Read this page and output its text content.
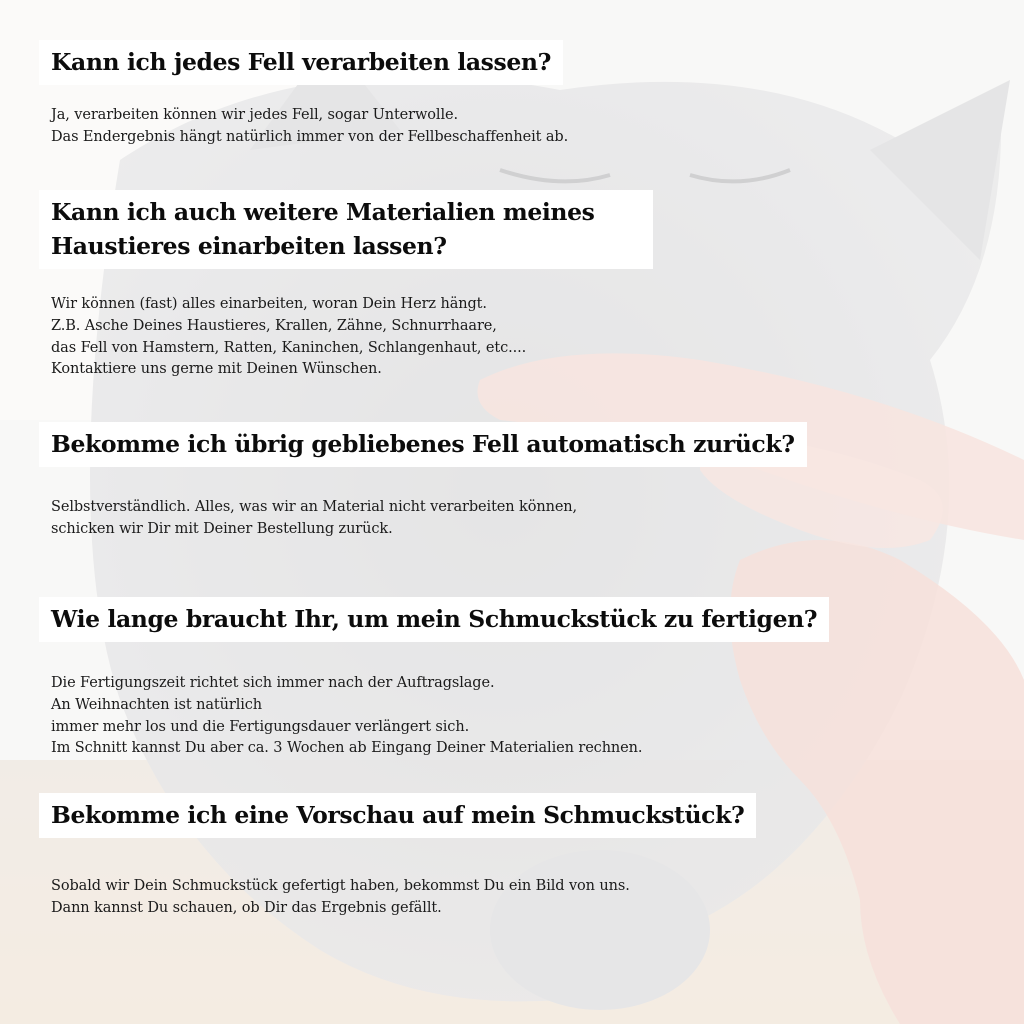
Kann ich jedes Fell verarbeiten lassen?
Ja, verarbeiten können wir jedes Fell, sogar Unterwolle.
Das Endergebnis hängt natürlich immer von der Fellbeschaffenheit ab.
Kann ich auch weitere Materialien meines
Haustieres einarbeiten lassen?
Wir können (fast) alles einarbeiten, woran Dein Herz hängt.
Z.B. Asche Deines Haustieres, Krallen, Zähne, Schnurrhaare,
das Fell von Hamstern, Ratten, Kaninchen, Schlangenhaut, etc....
Kontaktiere uns gerne mit Deinen Wünschen.
Bekomme ich übrig gebliebenes Fell automatisch zurück?
Selbstverständlich. Alles, was wir an Material nicht verarbeiten können,
schicken wir Dir mit Deiner Bestellung zurück.
Wie lange braucht Ihr, um mein Schmuckstück zu fertigen?
Die Fertigungszeit richtet sich immer nach der Auftragslage.
An Weihnachten ist natürlich
immer mehr los und die Fertigungsdauer verlängert sich.
Im Schnitt kannst Du aber ca. 3 Wochen ab Eingang Deiner Materialien rechnen.
Bekomme ich eine Vorschau auf mein Schmuckstück?
Sobald wir Dein Schmuckstück gefertigt haben, bekommst Du ein Bild von uns.
Dann kannst Du schauen, ob Dir das Ergebnis gefällt.
